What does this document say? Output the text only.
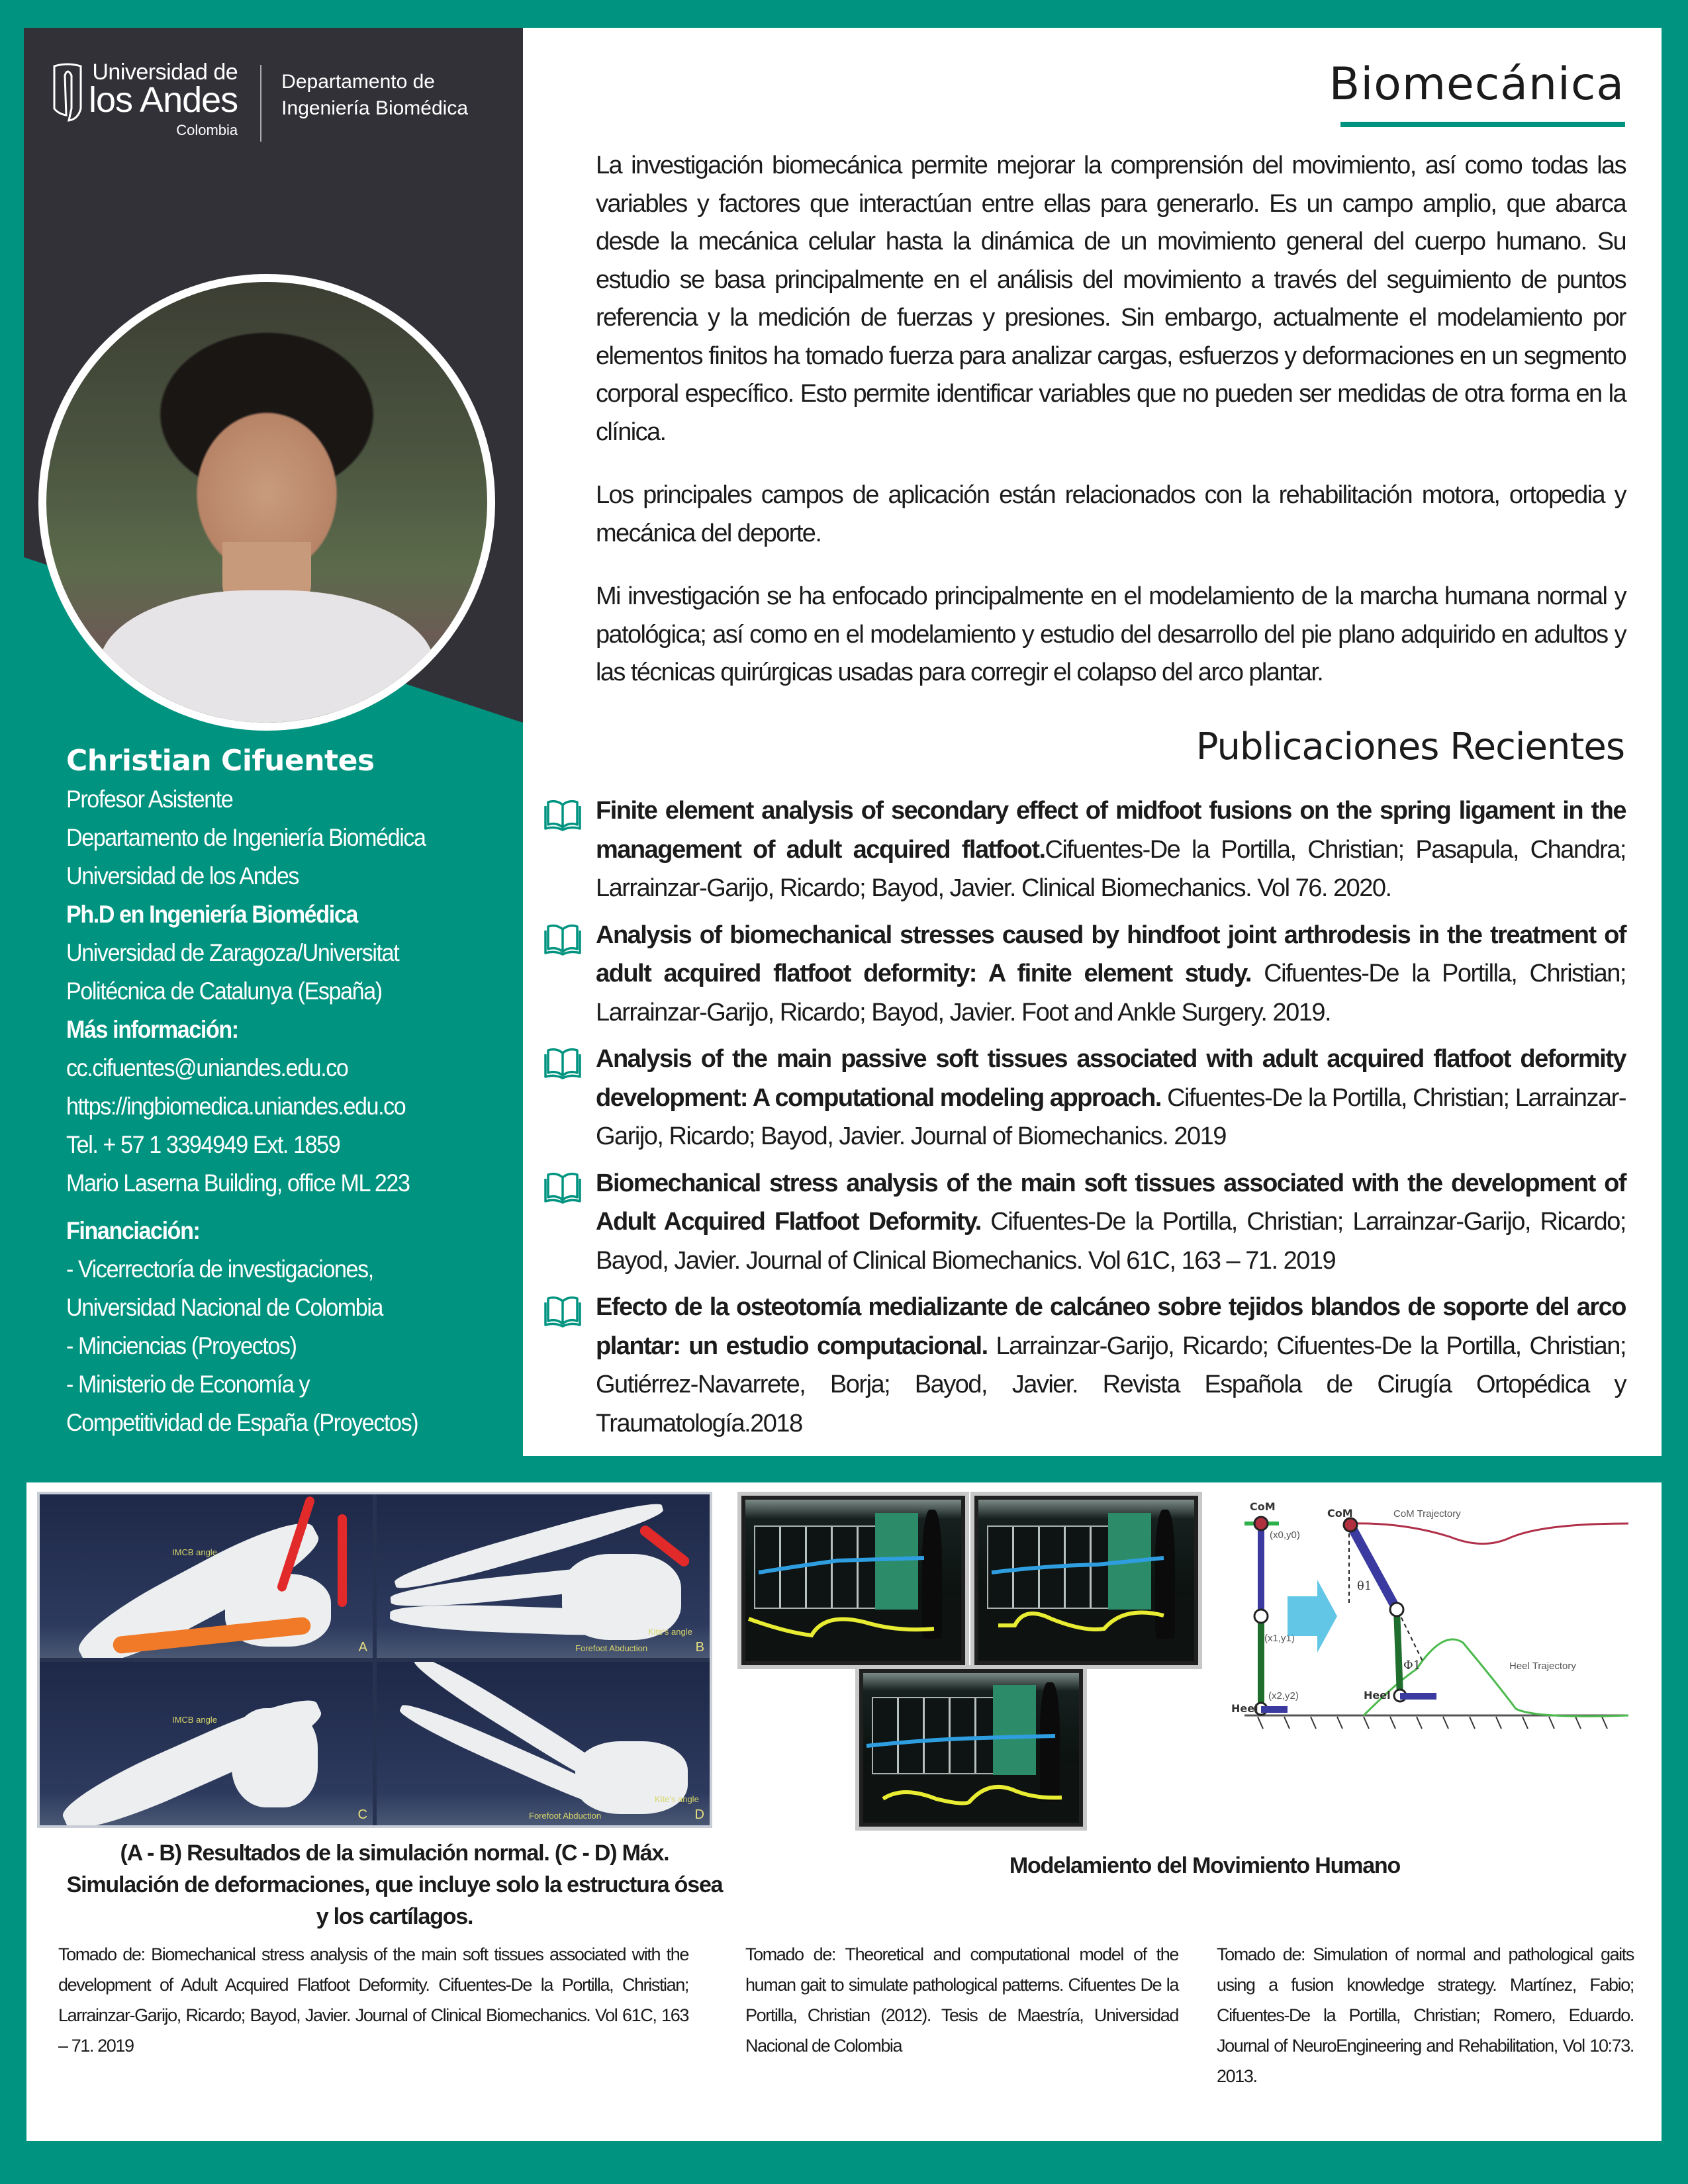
Universidad de
los Andes
Colombia
Departamento de
Ingeniería Biomédica
Christian Cifuentes
Profesor Asistente
Departamento de Ingeniería Biomédica
Universidad de los Andes
Ph.D en Ingeniería Biomédica
Universidad de Zaragoza/Universitat
Politécnica de Catalunya (España)
Más información:
cc.cifuentes@uniandes.edu.co
https://ingbiomedica.uniandes.edu.co
Tel. + 57 1 3394949 Ext. 1859
Mario Laserna Building, office ML 223
Financiación:
- Vicerrectoría de investigaciones,
Universidad Nacional de Colombia
- Minciencias (Proyectos)
- Ministerio de Economía y
Competitividad de España (Proyectos)
Biomecánica

La investigación biomecánica permite mejorar la comprensión del movimiento, así como todas las variables y factores que interactúan entre ellas para generarlo. Es un campo amplio, que abarca desde la mecánica celular hasta la dinámica de un movimiento general del cuerpo humano. Su estudio se basa principalmente en el análisis del movimiento a través del seguimiento de puntos referencia y la medición de fuerzas y presiones. Sin embargo, actualmente el modelamiento por elementos finitos ha tomado fuerza para analizar cargas, esfuerzos y deformaciones en un segmento corporal específico. Esto permite identificar variables que no pueden ser medidas de otra forma en la clínica.

Los principales campos de aplicación están relacionados con la rehabilitación motora, ortopedia y mecánica del deporte.

Mi investigación se ha enfocado principalmente en el modelamiento de la marcha humana normal y patológica; así como en el modelamiento y estudio del desarrollo del pie plano adquirido en adultos y las técnicas quirúrgicas usadas para corregir el colapso del arco plantar.

Publicaciones Recientes
Finite element analysis of secondary effect of midfoot fusions on the spring ligament in the management of adult acquired flatfoot.Cifuentes-De la Portilla, Christian; Pasapula, Chandra; Larrainzar-Garijo, Ricardo; Bayod, Javier. Clinical Biomechanics. Vol 76. 2020.
Analysis of biomechanical stresses caused by hindfoot joint arthrodesis in the treatment of adult acquired flatfoot deformity: A finite element study. Cifuentes-De la Portilla, Christian; Larrainzar-Garijo, Ricardo; Bayod, Javier. Foot and Ankle Surgery. 2019.
Analysis of the main passive soft tissues associated with adult acquired flatfoot deformity development: A computational modeling approach. Cifuentes-De la Portilla, Christian; Larrainzar-Garijo, Ricardo; Bayod, Javier. Journal of Biomechanics. 2019
Biomechanical stress analysis of the main soft tissues associated with the development of Adult Acquired Flatfoot Deformity. Cifuentes-De la Portilla, Christian; Larrainzar-Garijo, Ricardo; Bayod, Javier. Journal of Clinical Biomechanics. Vol 61C, 163 – 71. 2019
Efecto de la osteotomía medializante de calcáneo sobre tejidos blandos de soporte del arco plantar: un estudio computacional. Larrainzar-Garijo, Ricardo; Cifuentes-De la Portilla, Christian; Gutiérrez-Navarrete, Borja; Bayod, Javier. Revista Española de Cirugía Ortopédica y Traumatología.2018
IMCB angle
A
Kite's angle
Forefoot Abduction	B
IMCB angle
C
Kite's angle
Forefoot Abduction	D
CoM
(x0,y0)
(x1,y1)
(x2,y2)
Heel
CoM	CoM Trajectory
θ1
Φ1
Heel
Heel Trajectory
(A - B) Resultados de la simulación normal. (C - D) Máx. Simulación de deformaciones, que incluye solo la estructura ósea y los cartílagos.
Modelamiento del Movimiento Humano
Tomado de: Biomechanical stress analysis of the main soft tissues associated with the development of Adult Acquired Flatfoot Deformity. Cifuentes-De la Portilla, Christian; Larrainzar-Garijo, Ricardo; Bayod, Javier. Journal of Clinical Biomechanics. Vol 61C, 163 – 71. 2019
Tomado de: Theoretical and computational model of the human gait to simulate pathological patterns. Cifuentes De la Portilla, Christian (2012). Tesis de Maestría, Universidad Nacional de Colombia
Tomado de: Simulation of normal and pathological gaits using a fusion knowledge strategy. Martínez, Fabio; Cifuentes-De la Portilla, Christian; Romero, Eduardo. Journal of NeuroEngineering and Rehabilitation, Vol 10:73. 2013.
